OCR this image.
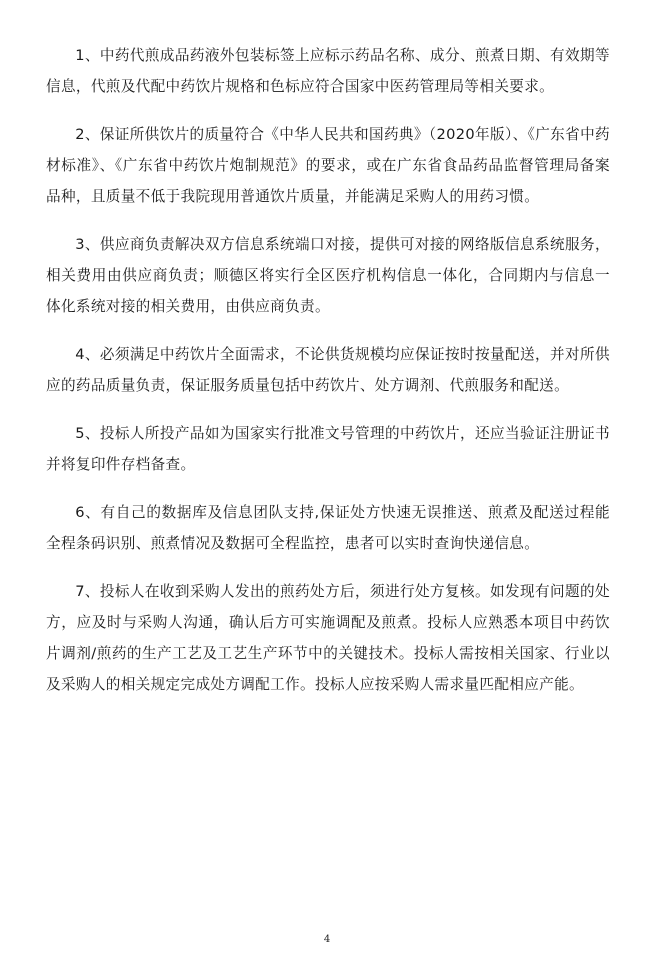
1、中药代煎成品药液外包装标签上应标示药品名称、成分、煎煮日期、有效期等信息，代煎及代配中药饮片规格和色标应符合国家中医药管理局等相关要求。

2、保证所供饮片的质量符合《中华人民共和国药典》（2020年版）、《广东省中药材标准》、《广东省中药饮片炮制规范》的要求，或在广东省食品药品监督管理局备案品种，且质量不低于我院现用普通饮片质量，并能满足采购人的用药习惯。

3、供应商负责解决双方信息系统端口对接，提供可对接的网络版信息系统服务，相关费用由供应商负责；顺德区将实行全区医疗机构信息一体化，合同期内与信息一体化系统对接的相关费用，由供应商负责。

4、必须满足中药饮片全面需求，不论供货规模均应保证按时按量配送，并对所供应的药品质量负责，保证服务质量包括中药饮片、处方调剂、代煎服务和配送。

5、投标人所投产品如为国家实行批准文号管理的中药饮片，还应当验证注册证书并将复印件存档备查。

6、有自己的数据库及信息团队支持,保证处方快速无误推送、煎煮及配送过程能全程条码识别、煎煮情况及数据可全程监控，患者可以实时查询快递信息。

7、投标人在收到采购人发出的煎药处方后，须进行处方复核。如发现有问题的处方，应及时与采购人沟通，确认后方可实施调配及煎煮。投标人应熟悉本项目中药饮片调剂/煎药的生产工艺及工艺生产环节中的关键技术。投标人需按相关国家、行业以及采购人的相关规定完成处方调配工作。投标人应按采购人需求量匹配相应产能。

4
